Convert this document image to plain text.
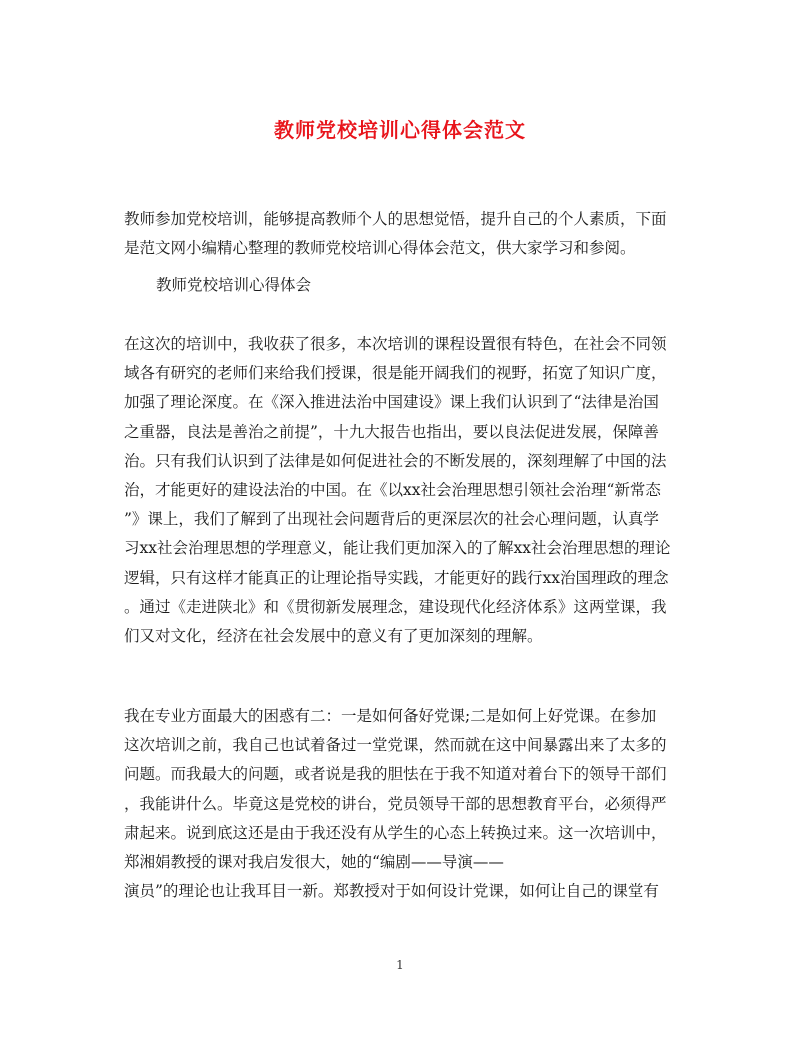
教师党校培训心得体会范文
教师参加党校培训，能够提高教师个人的思想觉悟，提升自己的个人素质，下面
是范文网小编精心整理的教师党校培训心得体会范文，供大家学习和参阅。
教师党校培训心得体会
在这次的培训中，我收获了很多，本次培训的课程设置很有特色，在社会不同领
域各有研究的老师们来给我们授课，很是能开阔我们的视野，拓宽了知识广度，
加强了理论深度。在《深入推进法治中国建设》课上我们认识到了“法律是治国
之重器，良法是善治之前提”，十九大报告也指出，要以良法促进发展，保障善
治。只有我们认识到了法律是如何促进社会的不断发展的，深刻理解了中国的法
治，才能更好的建设法治的中国。在《以xx社会治理思想引领社会治理“新常态
”》课上，我们了解到了出现社会问题背后的更深层次的社会心理问题，认真学
习xx社会治理思想的学理意义，能让我们更加深入的了解xx社会治理思想的理论
逻辑，只有这样才能真正的让理论指导实践，才能更好的践行xx治国理政的理念
。通过《走进陕北》和《贯彻新发展理念，建设现代化经济体系》这两堂课，我
们又对文化，经济在社会发展中的意义有了更加深刻的理解。
我在专业方面最大的困惑有二：一是如何备好党课;二是如何上好党课。在参加
这次培训之前，我自己也试着备过一堂党课，然而就在这中间暴露出来了太多的
问题。而我最大的问题，或者说是我的胆怯在于我不知道对着台下的领导干部们
，我能讲什么。毕竟这是党校的讲台，党员领导干部的思想教育平台，必须得严
肃起来。说到底这还是由于我还没有从学生的心态上转换过来。这一次培训中，
郑湘娟教授的课对我启发很大，她的“编剧——导演——
演员”的理论也让我耳目一新。郑教授对于如何设计党课，如何让自己的课堂有
1
